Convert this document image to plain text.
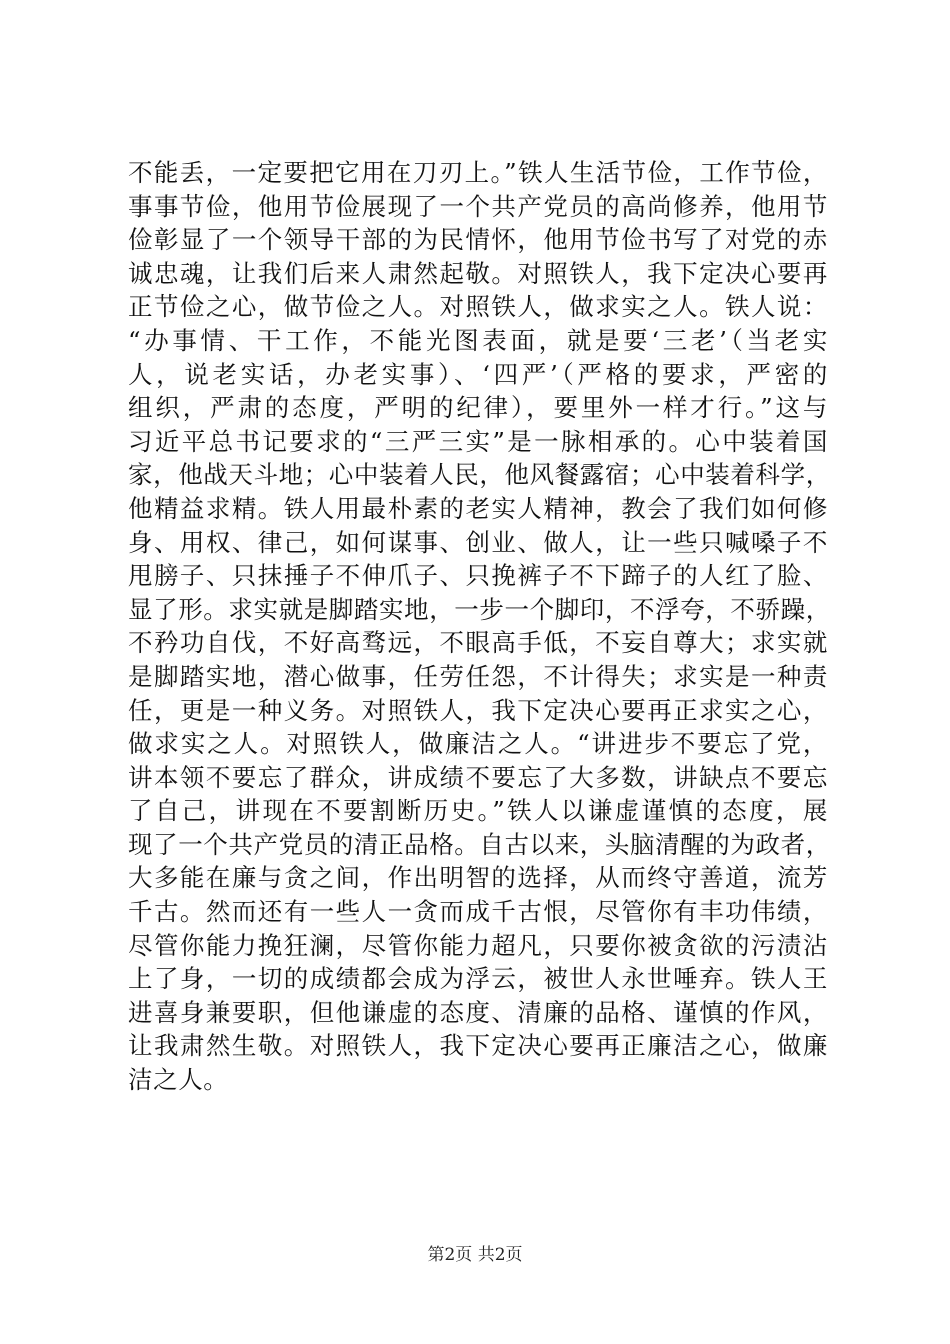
不能丢，一定要把它用在刀刃上。”铁人生活节俭，工作节俭，
事事节俭，他用节俭展现了一个共产党员的高尚修养，他用节
俭彰显了一个领导干部的为民情怀，他用节俭书写了对党的赤
诚忠魂，让我们后来人肃然起敬。对照铁人，我下定决心要再
正节俭之心，做节俭之人。对照铁人，做求实之人。铁人说：
“办事情、干工作，不能光图表面，就是要‘三老’（当老实
人，说老实话，办老实事）、‘四严’（严格的要求，严密的
组织，严肃的态度，严明的纪律），要里外一样才行。”这与
习近平总书记要求的“三严三实”是一脉相承的。心中装着国
家，他战天斗地；心中装着人民，他风餐露宿；心中装着科学，
他精益求精。铁人用最朴素的老实人精神，教会了我们如何修
身、用权、律己，如何谋事、创业、做人，让一些只喊嗓子不
甩膀子、只抹捶子不伸爪子、只挽裤子不下蹄子的人红了脸、
显了形。求实就是脚踏实地，一步一个脚印，不浮夸，不骄躁，
不矜功自伐，不好高骛远，不眼高手低，不妄自尊大；求实就
是脚踏实地，潜心做事，任劳任怨，不计得失；求实是一种责
任，更是一种义务。对照铁人，我下定决心要再正求实之心，
做求实之人。对照铁人，做廉洁之人。“讲进步不要忘了党，
讲本领不要忘了群众，讲成绩不要忘了大多数，讲缺点不要忘
了自己，讲现在不要割断历史。”铁人以谦虚谨慎的态度，展
现了一个共产党员的清正品格。自古以来，头脑清醒的为政者，
大多能在廉与贪之间，作出明智的选择，从而终守善道，流芳
千古。然而还有一些人一贪而成千古恨，尽管你有丰功伟绩，
尽管你能力挽狂澜，尽管你能力超凡，只要你被贪欲的污渍沾
上了身，一切的成绩都会成为浮云，被世人永世唾弃。铁人王
进喜身兼要职，但他谦虚的态度、清廉的品格、谨慎的作风，
让我肃然生敬。对照铁人，我下定决心要再正廉洁之心，做廉
洁之人。
第2页 共2页
